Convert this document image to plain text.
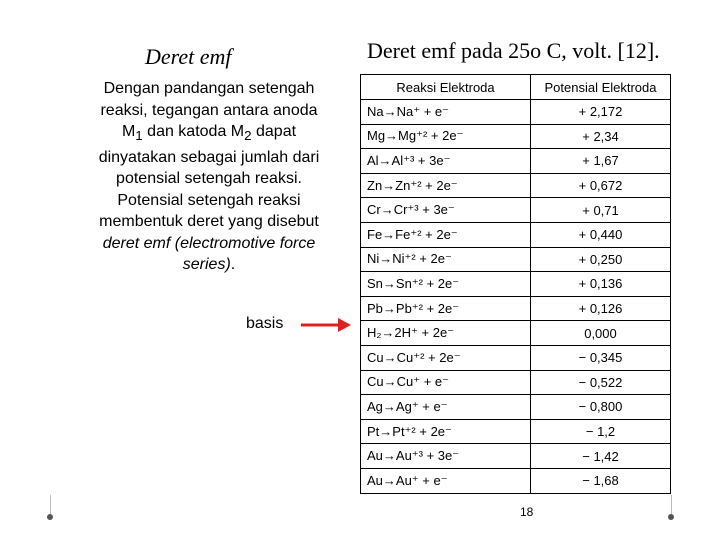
Deret emf	Deret emf pada 25o C, volt. [12].
Dengan pandangan setengah reaksi, tegangan antara anoda $M_1$ dan katoda $M_2$ dapat dinyatakan sebagai jumlah dari potensial setengah reaksi. Potensial setengah reaksi membentuk deret yang disebut deret emf (electromotive force series).
basis
Reaksi Elektroda	Potensial Elektroda
Na→Na⁺ + e⁻	+ 2,172
Mg→Mg⁺² + 2e⁻	+ 2,34
Al→Al⁺³ + 3e⁻	+ 1,67
Zn→Zn⁺² + 2e⁻	+ 0,672
Cr→Cr⁺³ + 3e⁻	+ 0,71
Fe→Fe⁺² + 2e⁻	+ 0,440
Ni→Ni⁺² + 2e⁻	+ 0,250
Sn→Sn⁺² + 2e⁻	+ 0,136
Pb→Pb⁺² + 2e⁻	+ 0,126
H₂→2H⁺ + 2e⁻	0,000
Cu→Cu⁺² + 2e⁻	− 0,345
Cu→Cu⁺ + e⁻	− 0,522
Ag→Ag⁺ + e⁻	− 0,800
Pt→Pt⁺² + 2e⁻	− 1,2
Au→Au⁺³ + 3e⁻	− 1,42
Au→Au⁺ + e⁻	− 1,68
18
